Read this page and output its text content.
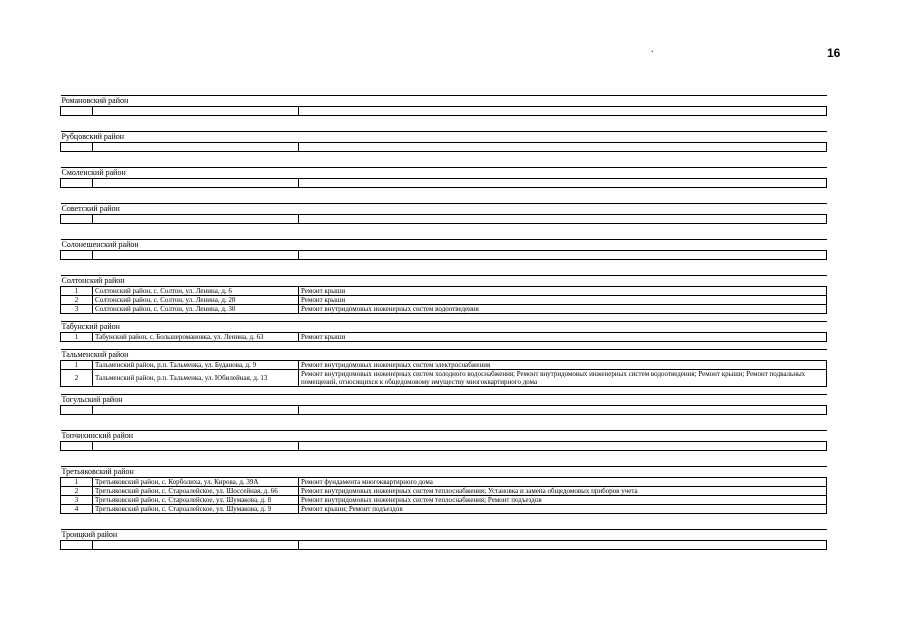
16
.
Романовский район		

Рубцовский район		

Смоленский район		

Советский район		

Солонешенский район		

Солтонский район		
1	Солтонский район, с. Солтон, ул. Ленина, д. 6	Ремонт крыши
2	Солтонский район, с. Солтон, ул. Ленина, д. 28	Ремонт крыши
3	Солтонский район, с. Солтон, ул. Ленина, д. 30	Ремонт внутридомовых инженерных систем водоотведения

Табунский район		
1	Табунский район, с. Большеромановка, ул. Ленина, д. 63	Ремонт крыши

Тальменский район		
1	Тальменский район, р.п. Тальменка, ул. Буданова, д. 9	Ремонт внутридомовых инженерных систем электроснабжения
2	Тальменский район, р.п. Тальменка, ул. Юбилейная, д. 13	Ремонт внутридомовых инженерных систем холодного водоснабжения; Ремонт внутридомовых инженерных систем водоотведения; Ремонт крыши; Ремонт подвальных помещений, относящихся к общедомовому имуществу многоквартирного дома

Тогульский район		

Топчихинский район		

Третьяковский район		
1	Третьяковский район, с. Корболиха, ул. Кирова, д. 39А	Ремонт фундамента многоквартирного дома
2	Третьяковский район, с. Староалейское, ул. Шоссейная, д. 66	Ремонт внутридомовых инженерных систем теплоснабжения; Установка и замена общедомовых приборов учета
3	Третьяковский район, с. Староалейское, ул. Шумакова, д. 8	Ремонт внутридомовых инженерных систем теплоснабжения; Ремонт подъездов
4	Третьяковский район, с. Староалейское, ул. Шумакова, д. 9	Ремонт крыши; Ремонт подъездов

Троицкий район		
